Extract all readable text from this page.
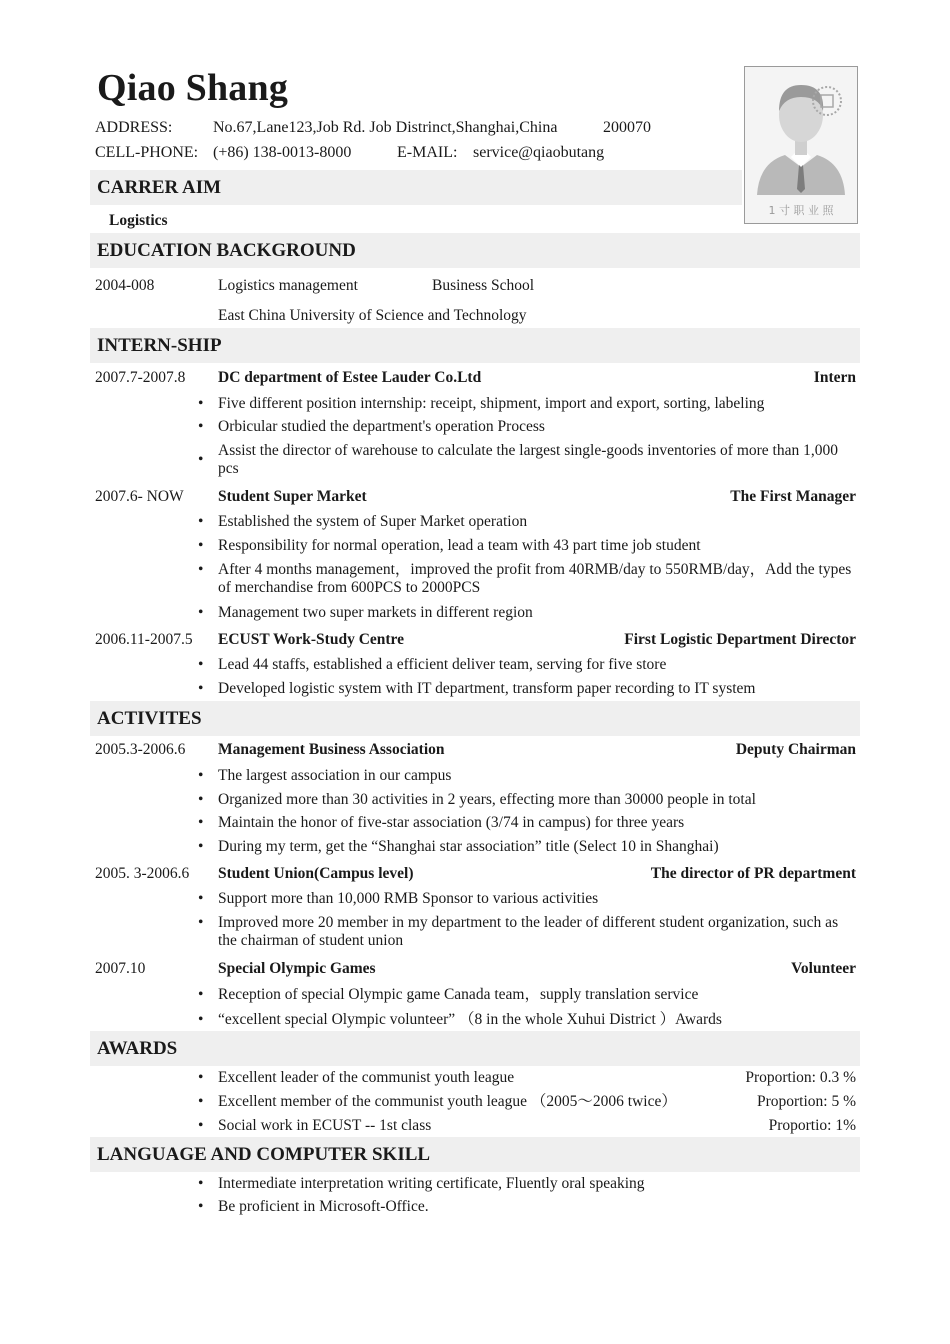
Qiao Shang
ADDRESS:	No.67,Lane123,Job Rd. Job Distrinct,Shanghai,China	200070
CELL-PHONE: (+86) 138-0013-8000	E-MAIL: service@qiaobutang
1 寸 职 业 照
CARRER AIM
Logistics
EDUCATION BACKGROUND
2004-008	Logistics management	Business School
East China University of Science and Technology
INTERN-SHIP
2007.7-2007.8 DC department of Estee Lauder Co.Ltd	Intern
• Five different position internship: receipt, shipment, import and export, sorting, labeling
• Orbicular studied the department's operation Process
•
Assist the director of warehouse to calculate the largest single-goods inventories of more than 1,000 pcs
2007.6- NOW Student Super Market	The First Manager
• Established the system of Super Market operation
• Responsibility for normal operation, lead a team with 43 part time job student
• After 4 months management，improved the profit from 40RMB/day to 550RMB/day，Add the types of merchandise from 600PCS to 2000PCS
• Management two super markets in different region
2006.11-2007.5 ECUST Work-Study Centre	First Logistic Department Director
• Lead 44 staffs, established a efficient deliver team, serving for five store
• Developed logistic system with IT department, transform paper recording to IT system
ACTIVITES
2005.3-2006.6 Management Business Association	Deputy Chairman
• The largest association in our campus
• Organized more than 30 activities in 2 years, effecting more than 30000 people in total
• Maintain the honor of five-star association (3/74 in campus) for three years
• During my term, get the “Shanghai star association” title (Select 10 in Shanghai)
2005. 3-2006.6 Student Union(Campus level)	The director of PR department
• Support more than 10,000 RMB Sponsor to various activities
• Improved more 20 member in my department to the leader of different student organization, such as the chairman of student union
2007.10	Special Olympic Games	Volunteer
• Reception of special Olympic game Canada team，supply translation service
• “excellent special Olympic volunteer” （8 in the whole Xuhui District ）Awards
AWARDS
• Excellent leader of the communist youth league	Proportion: 0.3 %
• Excellent member of the communist youth league （2005～2006 twice）	Proportion: 5 %
• Social work in ECUST -- 1st class	Proportio: 1%
LANGUAGE AND COMPUTER SKILL
• Intermediate interpretation writing certificate, Fluently oral speaking
• Be proficient in Microsoft-Office.
